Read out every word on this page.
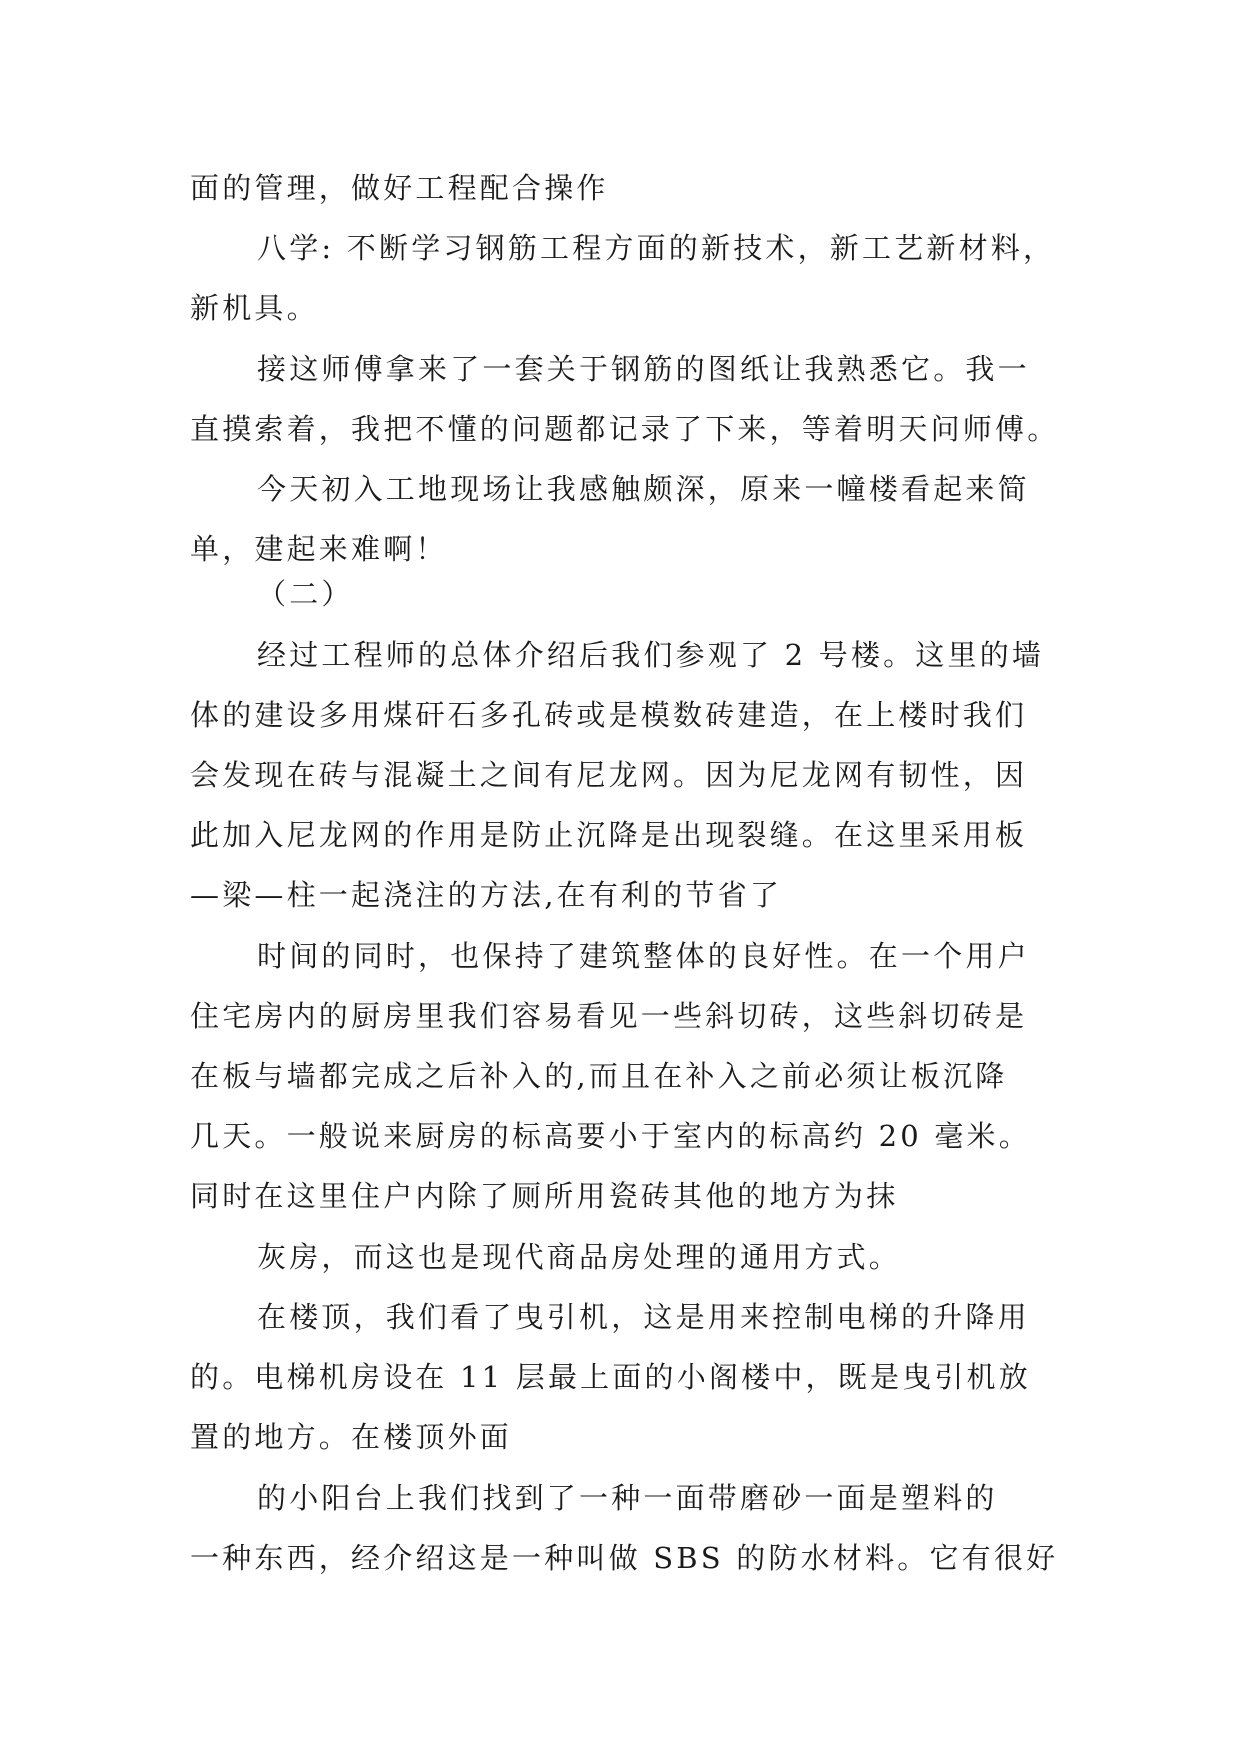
面的管理，做好工程配合操作
八学: 不断学习钢筋工程方面的新技术，新工艺新材料，
新机具。
接这师傅拿来了一套关于钢筋的图纸让我熟悉它。我一
直摸索着，我把不懂的问题都记录了下来，等着明天问师傅。
今天初入工地现场让我感触颇深，原来一幢楼看起来简
单，建起来难啊！
（二）
经过工程师的总体介绍后我们参观了 2 号楼。这里的墙
体的建设多用煤矸石多孔砖或是模数砖建造，在上楼时我们
会发现在砖与混凝土之间有尼龙网。因为尼龙网有韧性，因
此加入尼龙网的作用是防止沉降是出现裂缝。在这里采用板
—梁—柱一起浇注的方法,在有利的节省了
时间的同时，也保持了建筑整体的良好性。在一个用户
住宅房内的厨房里我们容易看见一些斜切砖，这些斜切砖是
在板与墙都完成之后补入的,而且在补入之前必须让板沉降
几天。一般说来厨房的标高要小于室内的标高约 20 毫米。
同时在这里住户内除了厕所用瓷砖其他的地方为抹
灰房，而这也是现代商品房处理的通用方式。
在楼顶，我们看了曳引机，这是用来控制电梯的升降用
的。电梯机房设在 11 层最上面的小阁楼中，既是曳引机放
置的地方。在楼顶外面
的小阳台上我们找到了一种一面带磨砂一面是塑料的
一种东西，经介绍这是一种叫做 SBS 的防水材料。它有很好
